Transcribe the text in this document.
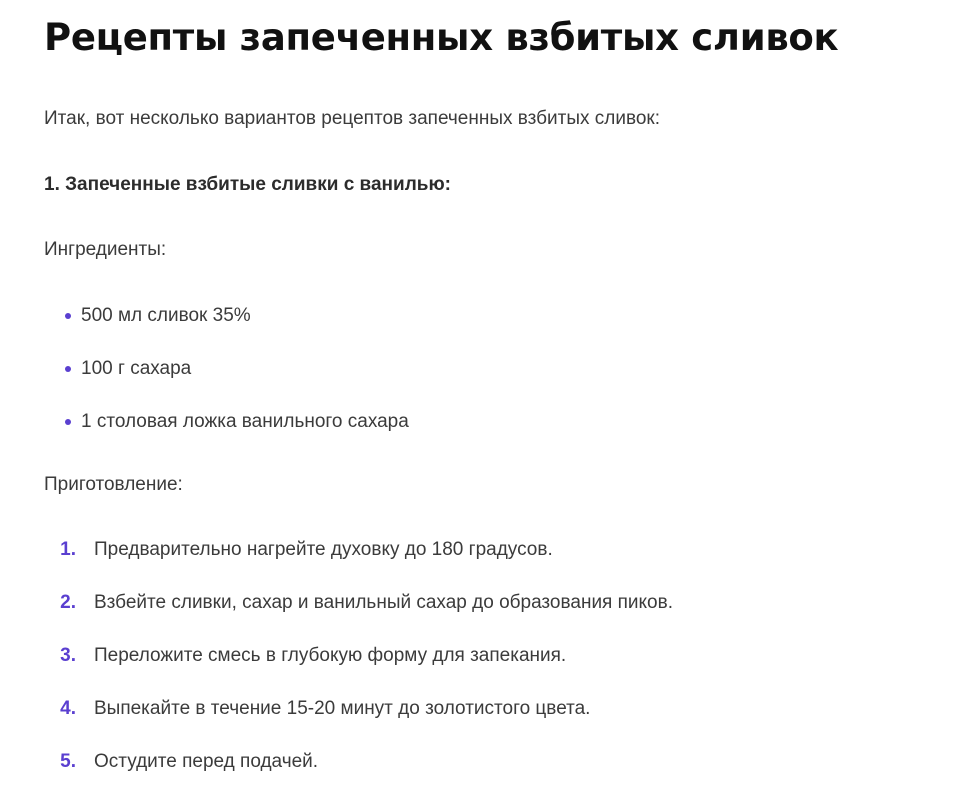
Рецепты запеченных взбитых сливок

Итак, вот несколько вариантов рецептов запеченных взбитых сливок:

1. Запеченные взбитые сливки с ванилью:

Ингредиенты:

500 мл сливок 35%
100 г сахара
1 столовая ложка ванильного сахара

Приготовление:

1. Предварительно нагрейте духовку до 180 градусов.
2. Взбейте сливки, сахар и ванильный сахар до образования пиков.
3. Переложите смесь в глубокую форму для запекания.
4. Выпекайте в течение 15-20 минут до золотистого цвета.
5. Остудите перед подачей.
